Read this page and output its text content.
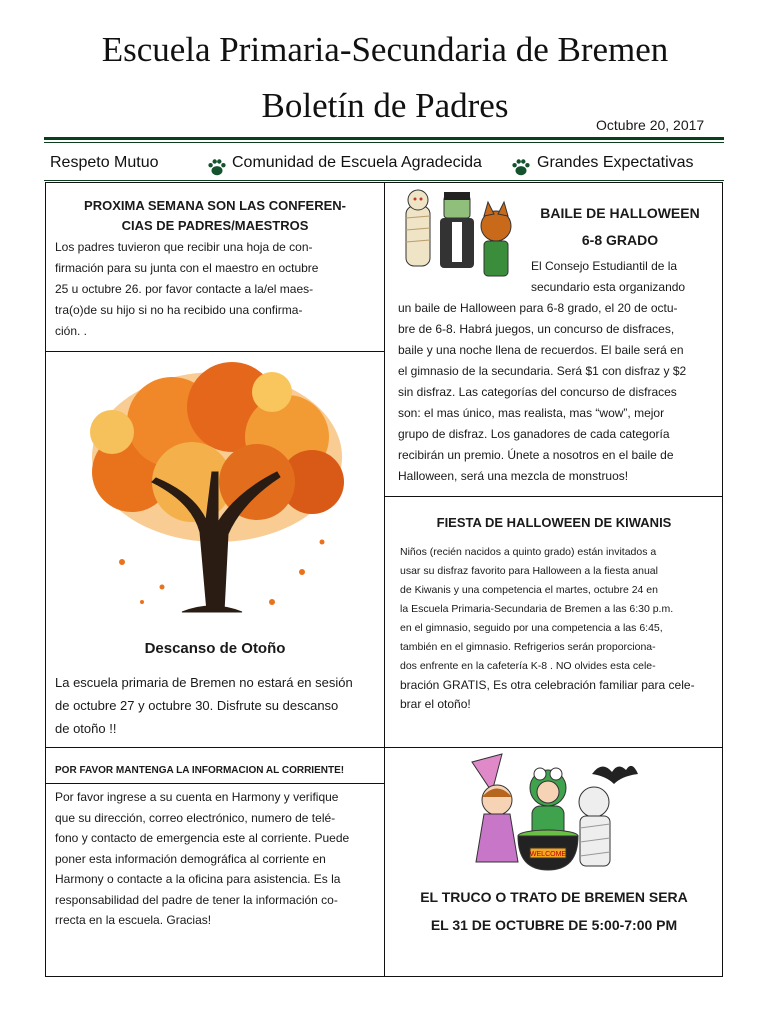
Escuela Primaria-Secundaria de Bremen
Boletín de Padres	Octubre 20, 2017
Respeto Mutuo	Comunidad de Escuela Agradecida	Grandes Expectativas
PROXIMA SEMANA SON LAS CONFEREN-
CIAS DE PADRES/MAESTROS
Los padres tuvieron que recibir una hoja de con-
firmación para su junta con el maestro en octubre
25 u octubre 26. por favor contacte a la/el maes-
tra(o)de su hijo si no ha recibido una confirma-
ción. .
BAILE DE HALLOWEEN
6-8 GRADO
El Consejo Estudiantil de la
secundario esta organizando
un baile de Halloween para 6-8 grado, el 20 de octu-
bre de 6-8. Habrá juegos, un concurso de disfraces,
baile y una noche llena de recuerdos. El baile será en
el gimnasio de la secundaria. Será $1 con disfraz y $2
sin disfraz. Las categorías del concurso de disfraces
son: el mas único, mas realista, mas “wow”, mejor
grupo de disfraz. Los ganadores de cada categoría
recibirán un premio. Únete a nosotros en el baile de
Halloween, será una mezcla de monstruos!
Descanso de Otoño
La escuela primaria de Bremen no estará en sesión
de octubre 27 y octubre 30. Disfrute su descanso
de otoño !!
FIESTA DE HALLOWEEN DE KIWANIS
Niños (recién nacidos a quinto grado) están invitados a
usar su disfraz favorito para Halloween a la fiesta anual
de Kiwanis y una competencia el martes, octubre 24 en
la Escuela Primaria-Secundaria de Bremen a las 6:30 p.m.
en el gimnasio, seguido por una competencia a las 6:45,
también en el gimnasio. Refrigerios serán proporciona-
dos enfrente en la cafetería K-8 . NO olvides esta cele-
bración GRATIS, Es otra celebración familiar para cele-
brar el otoño!
POR FAVOR MANTENGA LA INFORMACION AL CORRIENTE!
Por favor ingrese a su cuenta en Harmony y verifique
que su dirección, correo electrónico, numero de telé-
fono y contacto de emergencia este al corriente. Puede
poner esta información demográfica al corriente en
Harmony o contacte a la oficina para asistencia. Es la
responsabilidad del padre de tener la información co-
rrecta en la escuela. Gracias!
WELCOME
EL TRUCO O TRATO DE BREMEN SERA
EL 31 DE OCTUBRE DE 5:00-7:00 PM
